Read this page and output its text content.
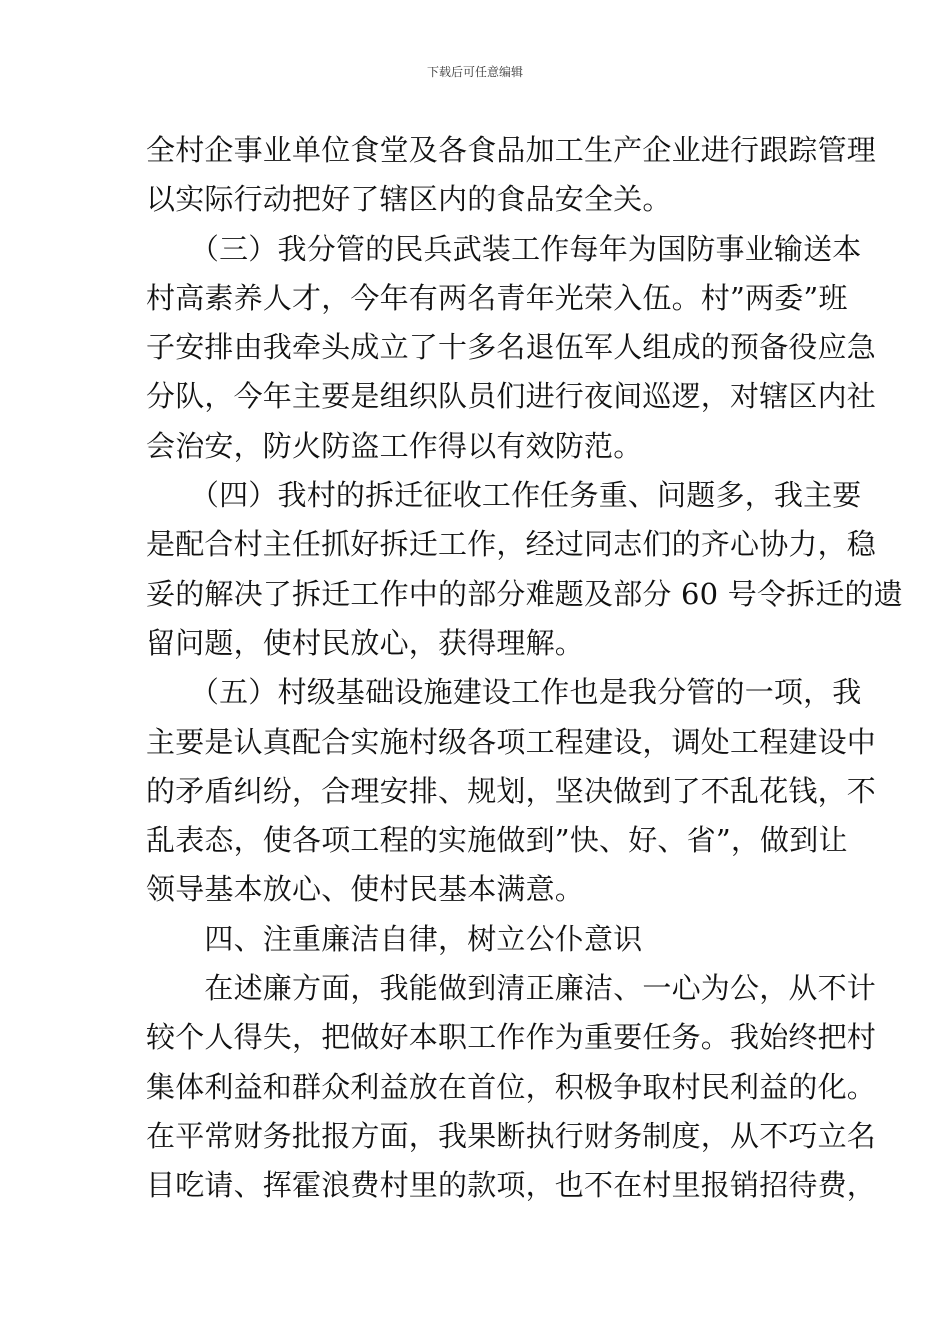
下载后可任意编辑
全村企事业单位食堂及各食品加工生产企业进行跟踪管理
以实际行动把好了辖区内的食品安全关。
　　（三）我分管的民兵武装工作每年为国防事业输送本
村高素养人才，今年有两名青年光荣入伍。村”两委”班
子安排由我牵头成立了十多名退伍军人组成的预备役应急
分队，今年主要是组织队员们进行夜间巡逻，对辖区内社
会治安，防火防盗工作得以有效防范。
　　（四）我村的拆迁征收工作任务重、问题多，我主要
是配合村主任抓好拆迁工作，经过同志们的齐心协力，稳
妥的解决了拆迁工作中的部分难题及部分 60 号令拆迁的遗
留问题，使村民放心，获得理解。
　　（五）村级基础设施建设工作也是我分管的一项，我
主要是认真配合实施村级各项工程建设，调处工程建设中
的矛盾纠纷，合理安排、规划，坚决做到了不乱花钱，不
乱表态，使各项工程的实施做到”快、好、省”，做到让
领导基本放心、使村民基本满意。
　　四、注重廉洁自律，树立公仆意识
　　在述廉方面，我能做到清正廉洁、一心为公，从不计
较个人得失，把做好本职工作作为重要任务。我始终把村
集体利益和群众利益放在首位，积极争取村民利益的化。
在平常财务批报方面，我果断执行财务制度，从不巧立名
目吃请、挥霍浪费村里的款项，也不在村里报销招待费，
